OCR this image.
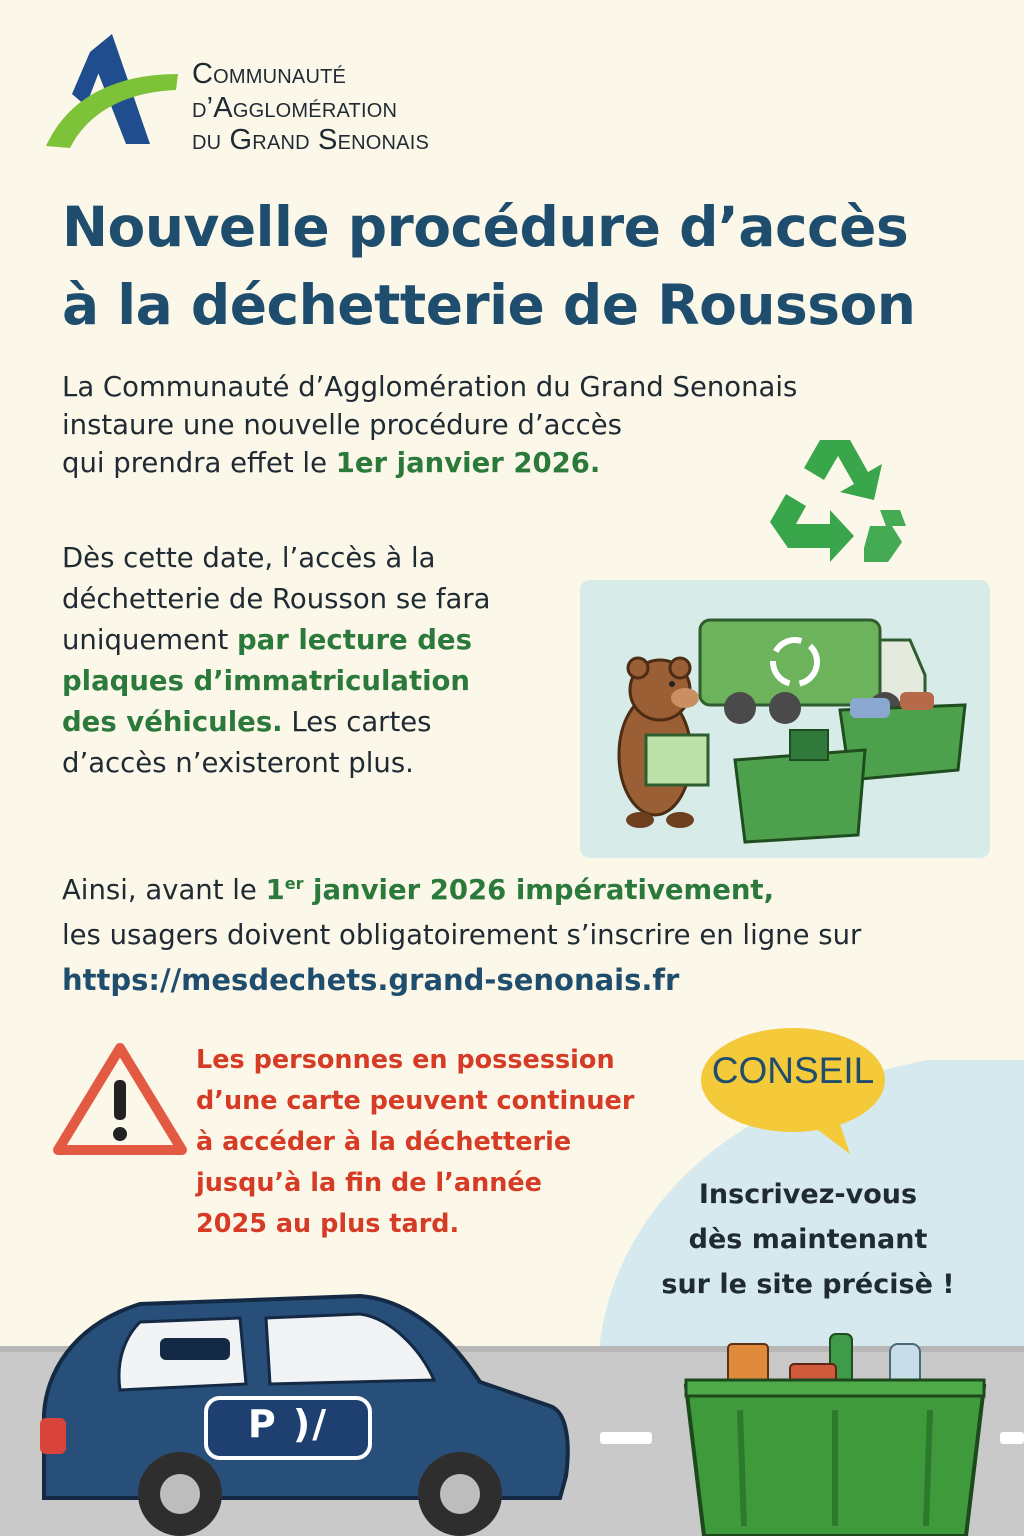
Communauté
d’Agglomération
du Grand Senonais
Nouvelle procédure d’accès
à la déchetterie de Rousson
La Communauté d’Agglomération du Grand Senonais
instaure une nouvelle procédure d’accès
qui prendra effet le 1er janvier 2026.
Dès cette date, l’accès à la
déchetterie de Rousson se fara
uniquement par lecture des
plaques d’immatriculation
des véhicules. Les cartes
d’accès n’existeront plus.
Ainsi, avant le 1er janvier 2026 impérativement,
les usagers doivent obligatoirement s’inscrire en ligne sur
https://mesdechets.grand-senonais.fr
Les personnes en possession
d’une carte peuvent continuer
à accéder à la déchetterie
jusqu’à la fin de l’année
2025 au plus tard.
CONSEIL
Inscrivez-vous
dès maintenant
sur le site précisè !
P )/
